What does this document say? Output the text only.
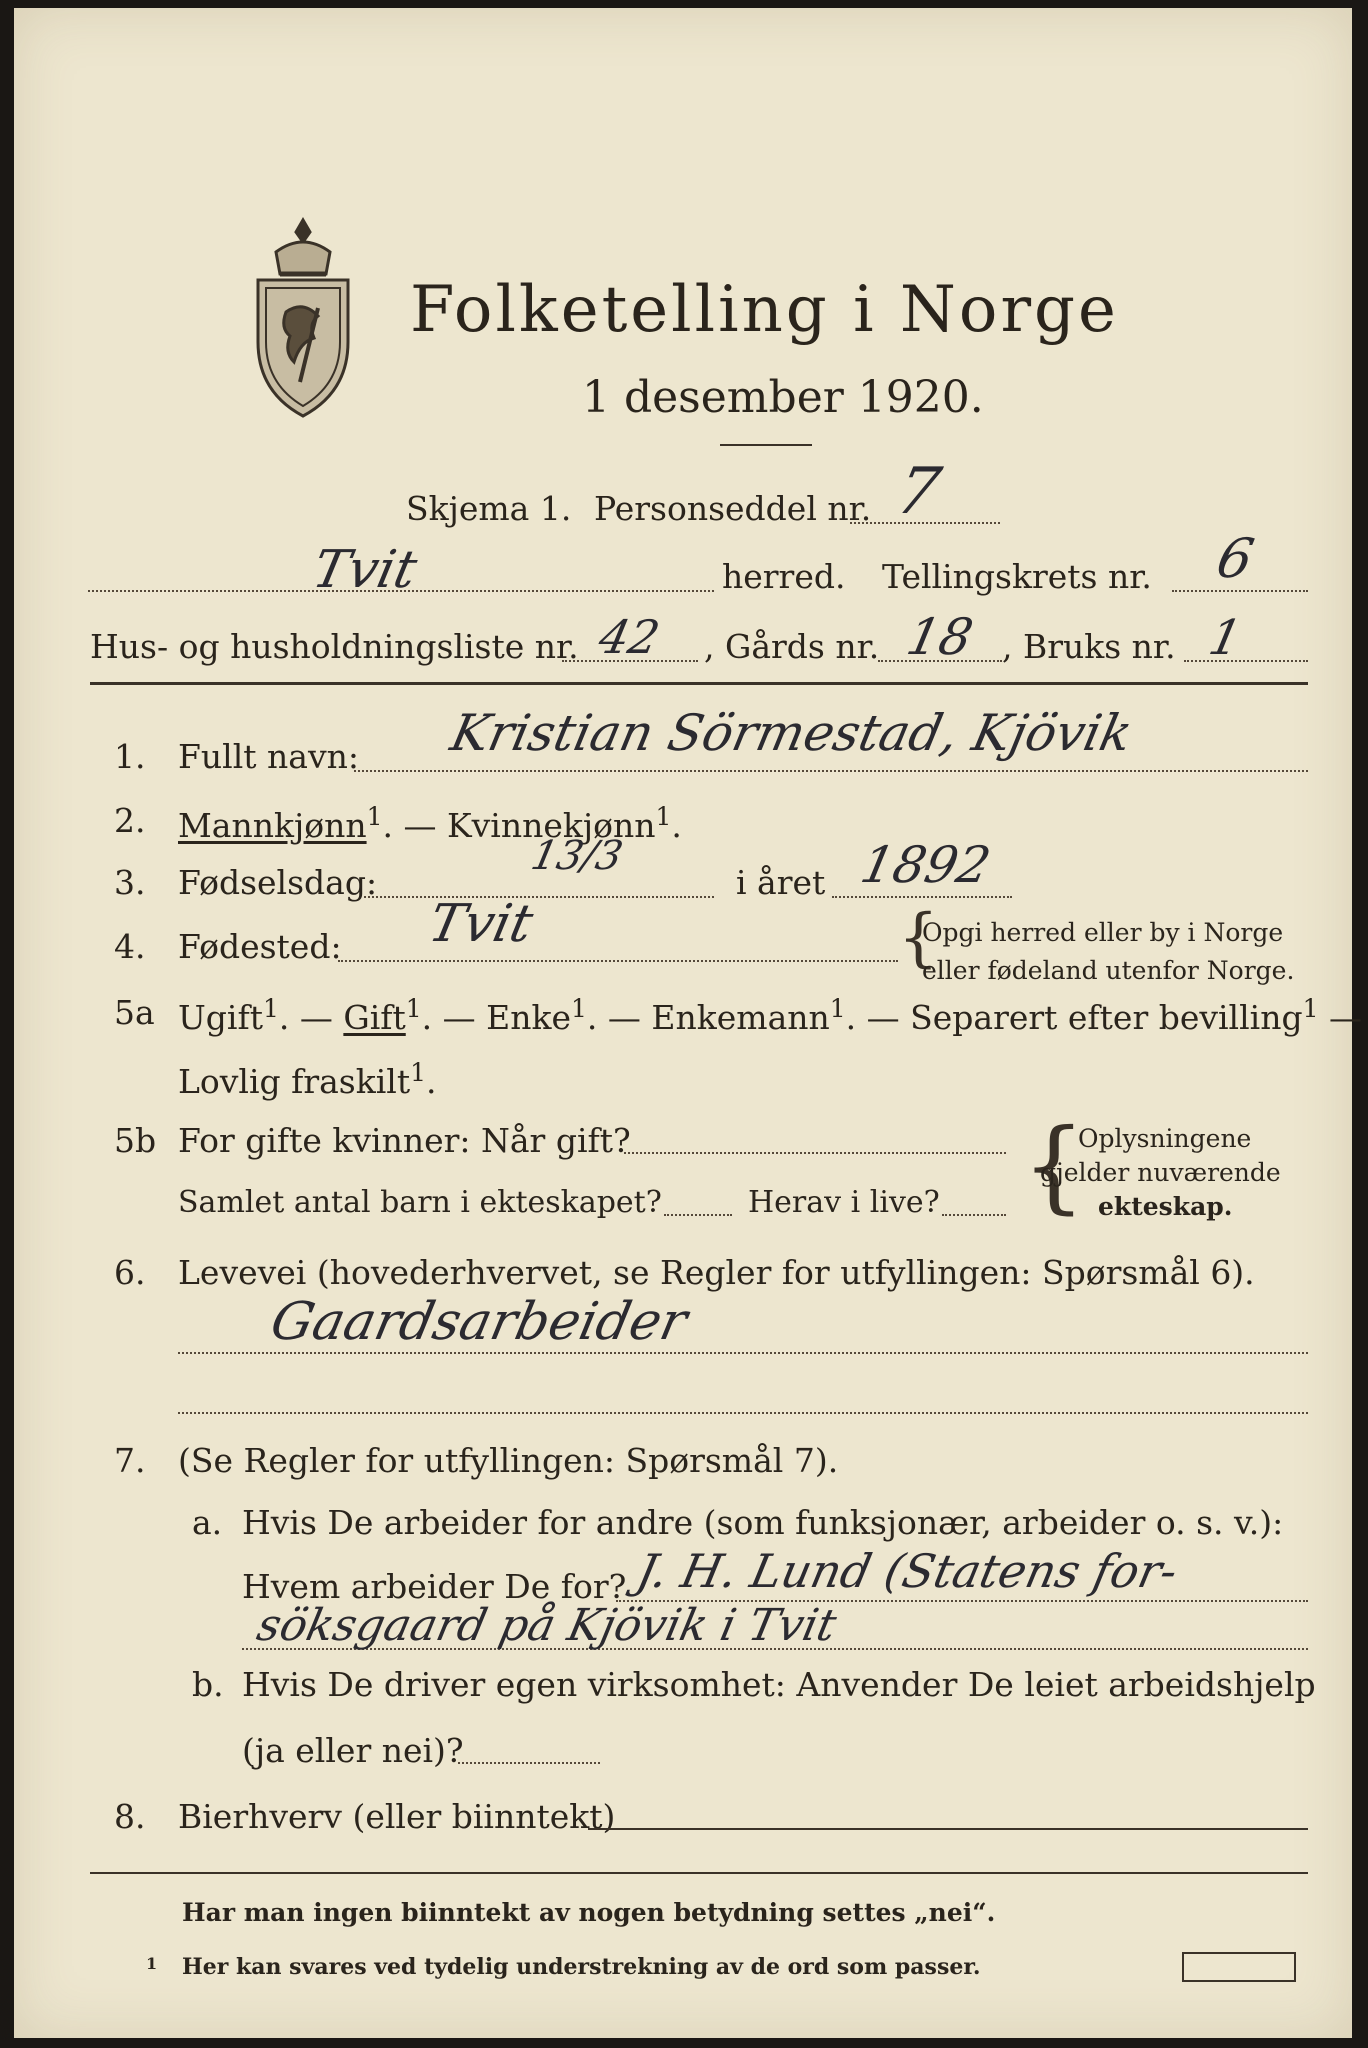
Folketelling i Norge
1 desember 1920.
Skjema 1. Personseddel nr. 7
Tvit	herred. Tellingskrets nr. 6
Hus- og husholdningsliste nr. 42 , Gårds nr. 18 , Bruks nr. 1
1. Fullt navn: Kristian Sörmestad, Kjövik
2. Mannkjønn$^1$. — Kvinnekjønn$^1$.
3. Fødselsdag:
13/3
i året 1892
4. Fødested: Tvit	{
Opgi herred eller by i Norge
eller fødeland utenfor Norge.
5a Ugift$^1$. — Gift$^1$. — Enke$^1$. — Enkemann$^1$. — Separert efter bevilling$^1$ —
Lovlig fraskilt$^1$.
5b For gifte kvinner: Når gift?
Samlet antal barn i ekteskapet?	Herav i live? {
Oplysningene
gjelder nuværende
ekteskap.
6. Levevei (hovederhvervet, se Regler for utfyllingen: Spørsmål 6).
Gaardsarbeider
7. (Se Regler for utfyllingen: Spørsmål 7).
a. Hvis De arbeider for andre (som funksjonær, arbeider o. s. v.):
Hvem arbeider De for? J. H. Lund (Statens for-
söksgaard på Kjövik i Tvit
b. Hvis De driver egen virksomhet: Anvender De leiet arbeidshjelp
(ja eller nei)?
8. Bierhverv (eller biinntekt)
Har man ingen biinntekt av nogen betydning settes „nei“.
1 Her kan svares ved tydelig understrekning av de ord som passer.
